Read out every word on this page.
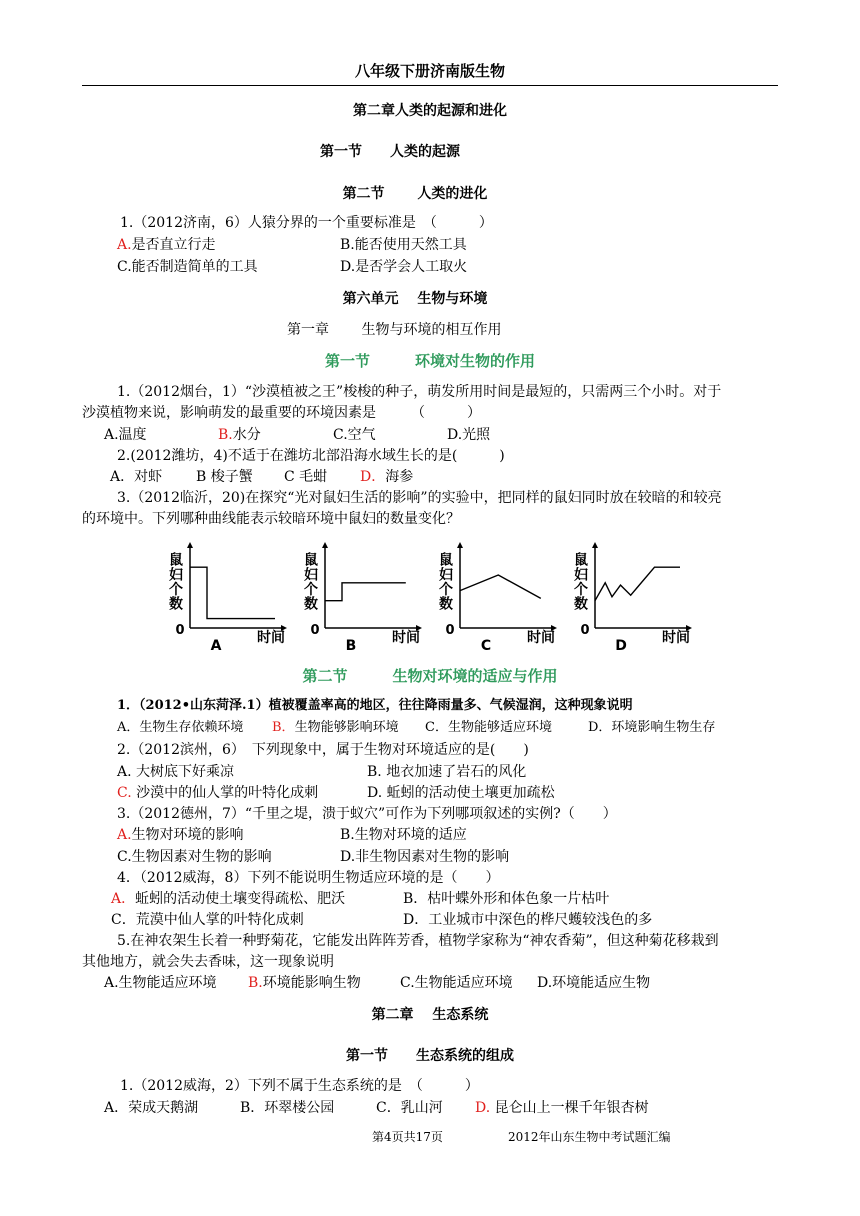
八年级下册济南版生物
第二章人类的起源和进化
第一节　　人类的起源
第二节　　 人类的进化
1.（2012济南，6）人猿分界的一个重要标准是　（　　　）
A.是否直立行走	B.能否使用天然工具
C.能否制造简单的工具	D.是否学会人工取火
第六单元　 生物与环境
第一章　　 生物与环境的相互作用
第一节　　　环境对生物的作用
1.（2012烟台，1）“沙漠植被之王”梭梭的种子，萌发所用时间是最短的，只需两三个小时。对于
沙漠植物来说，影响萌发的最重要的环境因素是　　　（　　　）
A.温度	B.水分	C.空气	D.光照
2.(2012潍坊，4)不适于在潍坊北部沿海水域生长的是(　　　)
A．对虾 B 梭子蟹 C 毛蚶 D．海参
3.（2012临沂，20)在探究“光对鼠妇生活的影响”的实验中，把同样的鼠妇同时放在较暗的和较亮
的环境中。下列哪种曲线能表示较暗环境中鼠妇的数量变化？
鼠妇个数
0	时间
A
鼠妇个数
0	时间
B
鼠妇个数
0	时间
C
鼠妇个数
0	时间
D
第二节　　　生物对环境的适应与作用
1．（2012•山东菏泽.1）植被覆盖率高的地区，往往降雨量多、气候湿润，这种现象说明
A．生物生存依赖环境 B．生物能够影响环境 C．生物能够适应环境	D．环境影响生物生存
2.（2012滨州，6）　下列现象中，属于生物对环境适应的是(　　)
A. 大树底下好乘凉	B. 地衣加速了岩石的风化
C. 沙漠中的仙人掌的叶特化成刺	D. 蚯蚓的活动使土壤更加疏松
3.（2012德州，7）“千里之堤，溃于蚁穴”可作为下列哪项叙述的实例?（　　）
A.生物对环境的影响	B.生物对环境的适应
C.生物因素对生物的影响	D.非生物因素对生物的影响
4．（2012威海，8）下列不能说明生物适应环境的是（　　）
A．蚯蚓的活动使土壤变得疏松、肥沃	B．枯叶蝶外形和体色象一片枯叶
C．荒漠中仙人掌的叶特化成刺	D．工业城市中深色的桦尺蠖较浅色的多
5.在神农架生长着一种野菊花，它能发出阵阵芳香，植物学家称为“神农香菊”，但这种菊花移栽到
其他地方，就会失去香味，这一现象说明
A.生物能适应环境 B.环境能影响生物	C.生物能适应环境 D.环境能适应生物
第二章　 生态系统
第一节　　生态系统的组成
1.（2012威海，2）下列不属于生态系统的是　（　　　）
A．荣成天鹅湖	B．环翠楼公园	C．乳山河 D. 昆仑山上一棵千年银杏树
第4页共17页	2012年山东生物中考试题汇编
